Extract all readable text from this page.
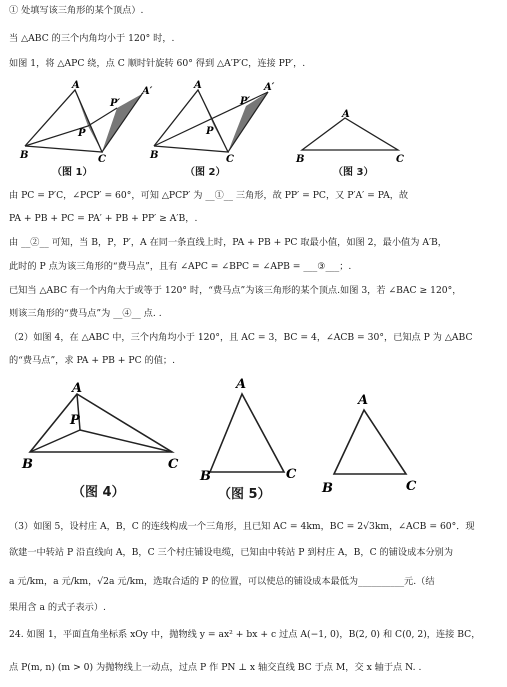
① 处填写该三角形的某个顶点）.
当 △ABC 的三个内角均小于 120° 时，.
如图 1，将 △APC 绕，点 C 顺时针旋转 60° 得到 △A′P′C，连接 PP′，.
A
B	C
P
P′
A′
（图 1）
A
B	C
P
P′
A′
（图 2）
A
B	C
（图 3）
由 PC = P′C，∠PCP′ = 60°，可知 △PCP′ 为 __①__ 三角形，故 PP′ = PC，又 P′A′ = PA，故
PA + PB + PC = PA′ + PB + PP′ ≥ A′B，.
由 __②__ 可知，当 B，P，P′，A 在同一条直线上时，PA + PB + PC 取最小值，如图 2，最小值为 A′B，
此时的 P 点为该三角形的“费马点”，且有 ∠APC = ∠BPC = ∠APB = ___③___；.
已知当 △ABC 有一个内角大于或等于 120° 时，“费马点”为该三角形的某个顶点.如图 3，若 ∠BAC ≥ 120°，
则该三角形的“费马点”为 __④__ 点. .
（2）如图 4，在 △ABC 中，三个内角均小于 120°，且 AC = 3，BC = 4，∠ACB = 30°，已知点 P 为 △ABC
的“费马点”，求 PA + PB + PC 的值；.
A
B	C
P
（图 4）
A
B	C
（图 5）
A
B	C
（3）如图 5，设村庄 A，B，C 的连线构成一个三角形，且已知 AC = 4km，BC = 2√3km，∠ACB = 60°．现
欲建一中转站 P 沿直线向 A，B，C 三个村庄铺设电缆，已知由中转站 P 到村庄 A，B，C 的铺设成本分别为
a 元/km，a 元/km，√2a 元/km，选取合适的 P 的位置，可以使总的铺设成本最低为__________元.（结
果用含 a 的式子表示）.
24. 如图 1，平面直角坐标系 xOy 中，抛物线 y = ax² + bx + c 过点 A(−1, 0)，B(2, 0) 和 C(0, 2)，连接 BC，
点 P(m, n) (m > 0) 为抛物线上一动点，过点 P 作 PN ⊥ x 轴交直线 BC 于点 M，交 x 轴于点 N. .
